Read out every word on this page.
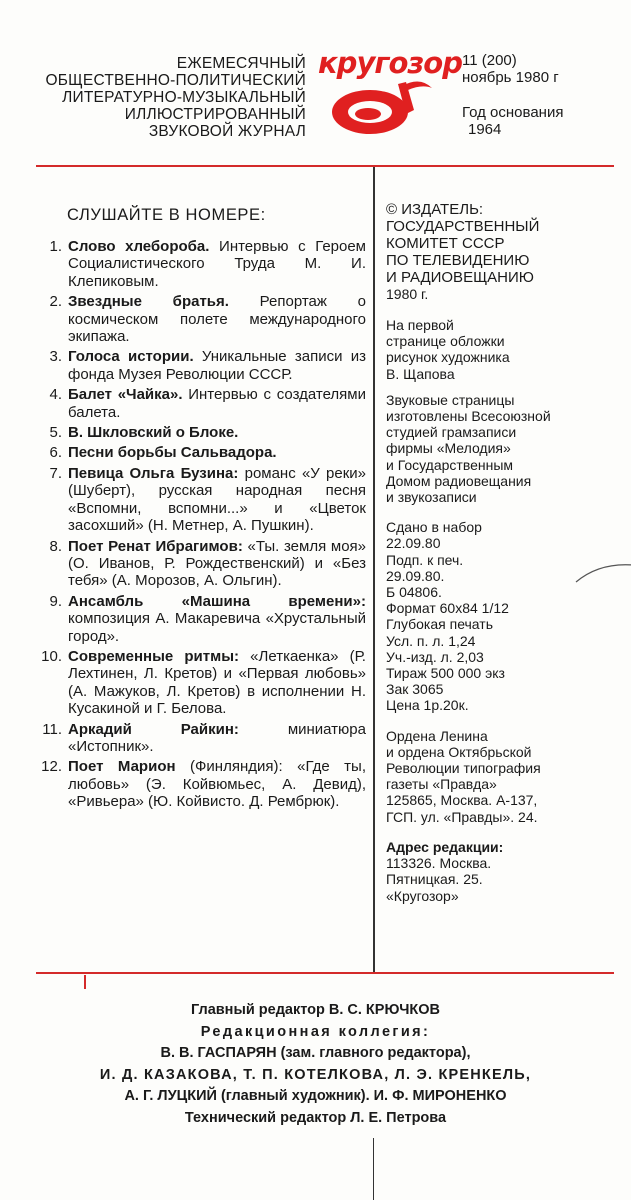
ЕЖЕМЕСЯЧНЫЙ
ОБЩЕСТВЕННО-ПОЛИТИЧЕСКИЙ
ЛИТЕРАТУРНО-МУЗЫКАЛЬНЫЙ
ИЛЛЮСТРИРОВАННЫЙ
ЗВУКОВОЙ ЖУРНАЛ
кругозор 11 (200)
ноябрь 1980 г
Год основания
1964
СЛУШАЙТЕ В НОМЕРЕ:
1. Слово хлебороба. Интервью с Героем Социалистического Труда М. И. Клепиковым.
2. Звездные братья. Репортаж о космическом полете международного экипажа.
3. Голоса истории. Уникальные записи из фонда Музея Революции СССР.
4. Балет «Чайка». Интервью с создателями балета.
5. В. Шкловский о Блоке.
6. Песни борьбы Сальвадора.
7. Певица Ольга Бузина: романс «У реки» (Шуберт), русская народная песня «Вспомни, вспомни...» и «Цветок засохший» (Н. Метнер, А. Пушкин).
8. Поет Ренат Ибрагимов: «Ты. земля моя» (О. Иванов, Р. Рождественский) и «Без тебя» (А. Морозов, А. Ольгин).
9. Ансамбль «Машина времени»: композиция А. Макаревича «Хрустальный город».
10. Современные ритмы: «Леткаенка» (Р. Лехтинен, Л. Кретов) и «Первая любовь» (А. Мажуков, Л. Кретов) в исполнении Н. Кусакиной и Г. Белова.
11. Аркадий Райкин: миниатюра «Истопник».
12. Поет Марион (Финляндия): «Где ты, любовь» (Э. Койвюмьес, А. Девид), «Ривьера» (Ю. Койвисто. Д. Рембрюк).
© ИЗДАТЕЛЬ:
ГОСУДАРСТВЕННЫЙ
КОМИТЕТ СССР
ПО ТЕЛЕВИДЕНИЮ
И РАДИОВЕЩАНИЮ
1980 г.
На первой
странице обложки
рисунок художника
В. Щапова
Звуковые страницы
изготовлены Всесоюзной
студией грамзаписи
фирмы «Мелодия»
и Государственным
Домом радиовещания
и звукозаписи
Сдано в набор
22.09.80
Подп. к печ.
29.09.80.
Б 04806.
Формат 60х84 1/12
Глубокая печать
Усл. п. л. 1,24
Уч.-изд. л. 2,03
Тираж 500 000 экз
Зак 3065
Цена 1р.20к.
Ордена Ленина
и ордена Октябрьской
Революции типография
газеты «Правда»
125865, Москва. А-137,
ГСП. ул. «Правды». 24.
Адрес редакции:
113326. Москва.
Пятницкая. 25.
«Кругозор»
Главный редактор В. С. КРЮЧКОВ
Редакционная коллегия:
В. В. ГАСПАРЯН (зам. главного редактора),
И. Д. КАЗАКОВА, Т. П. КОТЕЛКОВА, Л. Э. КРЕНКЕЛЬ,
А. Г. ЛУЦКИЙ (главный художник). И. Ф. МИРОНЕНКО
Технический редактор Л. Е. Петрова
